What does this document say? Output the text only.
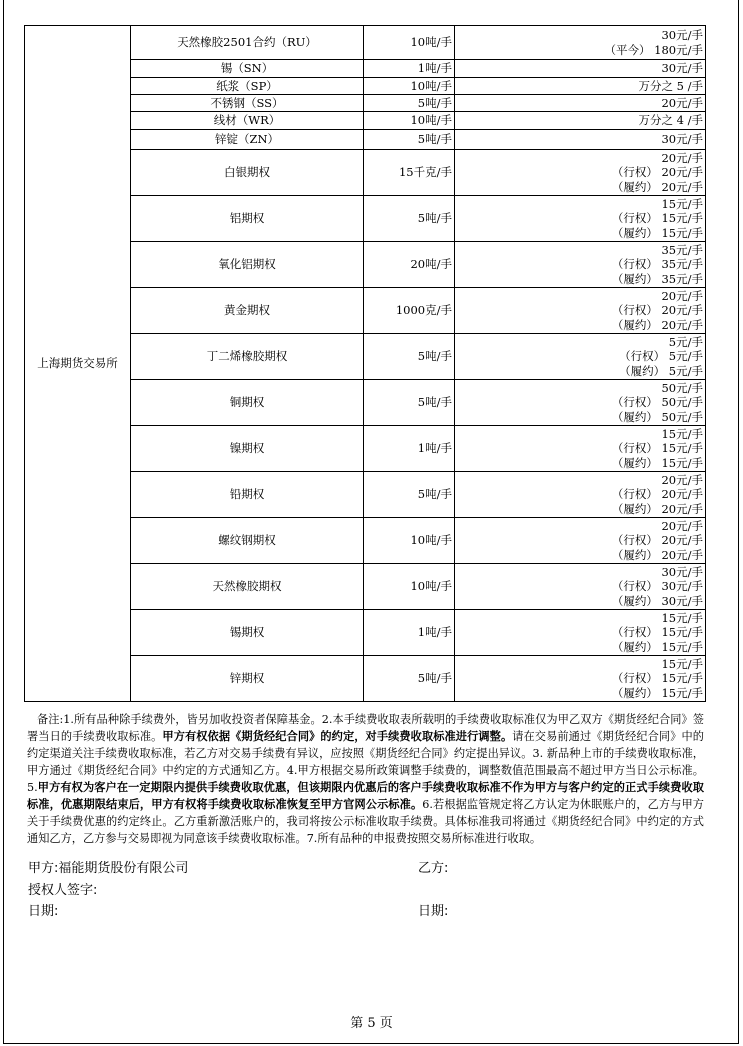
上海期货交易所	天然橡胶2501合约（RU）	10吨/手	30元/手
（平今） 180元/手

	锡（SN）	1吨/手	30元/手

	纸浆（SP）	10吨/手	万分之 5 /手

	不锈钢（SS）	5吨/手	20元/手

	线材（WR）	10吨/手	万分之 4 /手

	锌锭（ZN）	5吨/手	30元/手

	白银期权	15千克/手	20元/手
（行权） 20元/手
（履约） 20元/手

	铝期权	5吨/手	15元/手
（行权） 15元/手
（履约） 15元/手

	氧化铝期权	20吨/手	35元/手
（行权） 35元/手
（履约） 35元/手

	黄金期权	1000克/手	20元/手
（行权） 20元/手
（履约） 20元/手

	丁二烯橡胶期权	5吨/手	5元/手
（行权） 5元/手
（履约） 5元/手

	铜期权	5吨/手	50元/手
（行权） 50元/手
（履约） 50元/手

	镍期权	1吨/手	15元/手
（行权） 15元/手
（履约） 15元/手

	铅期权	5吨/手	20元/手
（行权） 20元/手
（履约） 20元/手

	螺纹钢期权	10吨/手	20元/手
（行权） 20元/手
（履约） 20元/手

	天然橡胶期权	10吨/手	30元/手
（行权） 30元/手
（履约） 30元/手

	锡期权	1吨/手	15元/手
（行权） 15元/手
（履约） 15元/手

	锌期权	5吨/手	15元/手
（行权） 15元/手
（履约） 15元/手
备注:1.所有品种除手续费外，皆另加收投资者保障基金。2.本手续费收取表所载明的手续费收取标准仅为甲乙双方《期货经纪合同》签署当日的手续费收取标准。甲方有权依据《期货经纪合同》的约定，对手续费收取标准进行调整。请在交易前通过《期货经纪合同》中的约定渠道关注手续费收取标准，若乙方对交易手续费有异议，应按照《期货经纪合同》约定提出异议。3. 新品种上市的手续费收取标准，甲方通过《期货经纪合同》中约定的方式通知乙方。4.甲方根据交易所政策调整手续费的，调整数值范围最高不超过甲方当日公示标准。5.甲方有权为客户在一定期限内提供手续费收取优惠，但该期限内优惠后的客户手续费收取标准不作为甲方与客户约定的正式手续费收取标准，优惠期限结束后，甲方有权将手续费收取标准恢复至甲方官网公示标准。6.若根据监管规定将乙方认定为休眠账户的，乙方与甲方关于手续费优惠的约定终止。乙方重新激活账户的，我司将按公示标准收取手续费。具体标准我司将通过《期货经纪合同》中约定的方式通知乙方，乙方参与交易即视为同意该手续费收取标准。7.所有品种的申报费按照交易所标准进行收取。
甲方:福能期货股份有限公司	乙方:
授权人签字:
日期:	日期:
第 5 页
